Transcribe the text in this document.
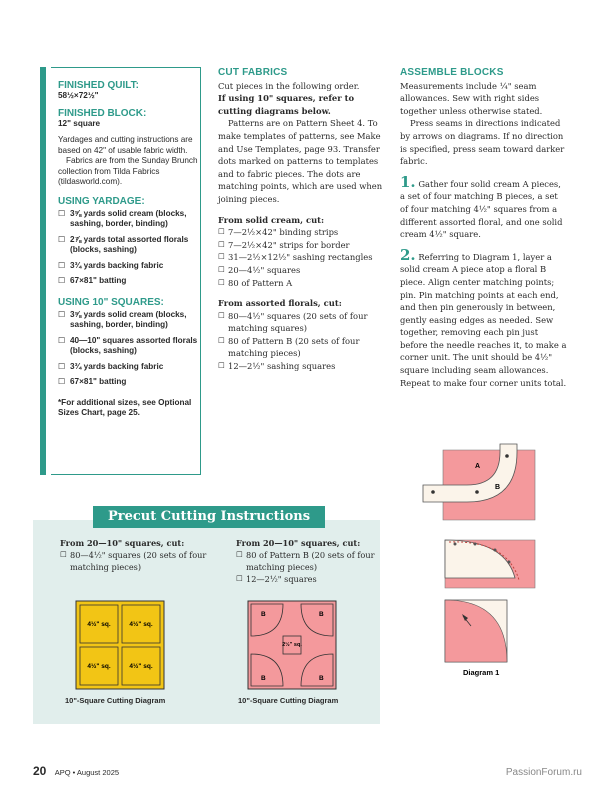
FINISHED QUILT:

58½×72½"

FINISHED BLOCK:

12" square

Yardages and cutting instructions are based on 42" of usable fabric width.

Fabrics are from the Sunday Brunch collection from Tilda Fabrics (tildasworld.com).

USING YARDAGE:

☐ 3⅝ yards solid cream (blocks, sashing, border, binding)
☐ 2⅞ yards total assorted florals (blocks, sashing)
☐ 3¾ yards backing fabric
☐ 67×81" batting

USING 10" SQUARES:

☐ 3⅝ yards solid cream (blocks, sashing, border, binding)
☐ 40—10" squares assorted florals (blocks, sashing)
☐ 3¾ yards backing fabric
☐ 67×81" batting

*For additional sizes, see Optional Sizes Chart, page 25.

CUT FABRICS

Cut pieces in the following order.

If using 10" squares, refer to cutting diagrams below.

Patterns are on Pattern Sheet 4. To make templates of patterns, see Make and Use Templates, page 93. Transfer dots marked on patterns to templates and to fabric pieces. The dots are matching points, which are used when joining pieces.

From solid cream, cut:

☐ 7—2½×42" binding strips
☐ 7—2½×42" strips for border
☐ 31—2½×12½" sashing rectangles
☐ 20—4½" squares
☐ 80 of Pattern A

From assorted florals, cut:

☐ 80—4½" squares (20 sets of four matching squares)
☐ 80 of Pattern B (20 sets of four matching pieces)
☐ 12—2½" sashing squares

ASSEMBLE BLOCKS

Measurements include ¼" seam allowances. Sew with right sides together unless otherwise stated.

Press seams in directions indicated by arrows on diagrams. If no direction is specified, press seam toward darker fabric.

1. Gather four solid cream A pieces, a set of four matching B pieces, a set of four matching 4½" squares from a different assorted floral, and one solid cream 4½" square.

2. Referring to Diagram 1, layer a solid cream A piece atop a floral B piece. Align center matching points; pin. Pin matching points at each end, and then pin generously in between, gently easing edges as needed. Sew together, removing each pin just before the needle reaches it, to make a corner unit. The unit should be 4½" square including seam allowances. Repeat to make four corner units total.

A
B
Diagram 1
Precut Cutting Instructions

From 20—10" squares, cut:

☐ 80—4½" squares (20 sets of four matching pieces)

From 20—10" squares, cut:

☐ 80 of Pattern B (20 sets of four matching pieces)
☐ 12—2½" squares
4½" sq.	4½" sq.
4½" sq.	4½" sq.
B	B
B	B
2½" sq.
10"-Square Cutting Diagram	10"-Square Cutting Diagram
20 APQ • August 2025	PassionForum.ru
